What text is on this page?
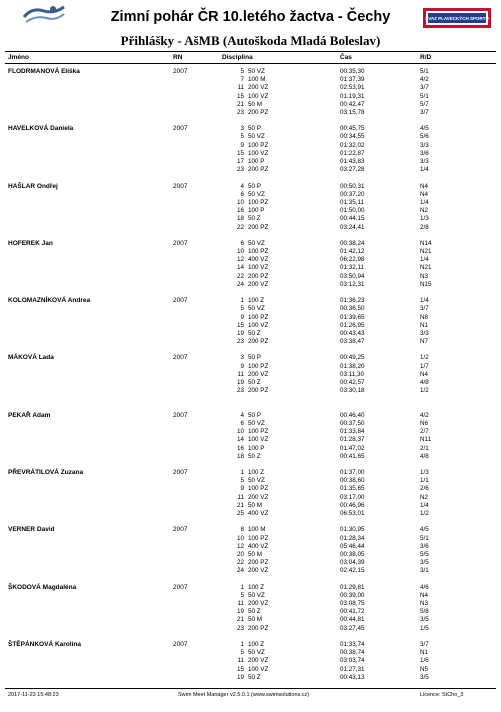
Zimní pohár ČR 10.letého žactva - Čechy	SVAZ PLAVECKÝCH SPORTŮ
Přihlášky - AšMB (Autoškoda Mladá Boleslav)
Jméno	RN	Disciplina	Čas	R/D
FLODRMANOVÁ Eliška	2007	5 50 VZ	00:35,30	5/1
7 100 M	01:37,39	4/2
11 200 VZ	02:53,91	3/7
15 100 VZ	01:19,31	5/1
21 50 M	00:42,47	5/7
23 200 PZ	03:15,78	3/7
HAVELKOVÁ Daniela	2007	3 50 P	00:45,75	4/5
5 50 VZ	00:34,55	5/6
9 100 PZ	01:32,02	3/3
15 100 VZ	01:22,87	3/6
17 100 P	01:43,83	3/3
23 200 PZ	03:27,28	1/4
HAŠLAR Ondřej	2007	4 50 P	00:50,31	N4
6 50 VZ	00:37,20	N4
10 100 PZ	01:35,11	1/4
16 100 P	01:50,00	N2
18 50 Z	00:44,15	1/3
22 200 PZ	03:24,41	2/8
HOFEREK Jan	2007	6 50 VZ	00:38,24	N14
10 100 PZ	01:42,12	N21
12 400 VZ	06:22,98	1/4
14 100 VZ	01:32,11	N21
22 200 PZ	03:50,94	N3
24 200 VZ	03:12,31	N15
KOLOMAZNÍKOVÁ Andrea	2007	1 100 Z	01:36,23	1/4
5 50 VZ	00:36,50	3/7
9 100 PZ	01:39,65	N8
15 100 VZ	01:26,95	N1
19 50 Z	00:43,43	3/3
23 200 PZ	03:38,47	N7
MÁKOVÁ Lada	2007	3 50 P	00:49,25	1/2
9 100 PZ	01:38,20	1/7
11 200 VZ	03:11,30	N4
19 50 Z	00:42,57	4/8
23 200 PZ	03:30,18	1/2
PEKAŘ Adam	2007	4 50 P	00:46,40	4/2
6 50 VZ	00:37,50	N6
10 100 PZ	01:33,84	2/7
14 100 VZ	01:28,37	N11
16 100 P	01:47,02	2/1
18 50 Z	00:41,65	4/8
PŘEVRÁTILOVÁ Zuzana	2007	1 100 Z	01:37,00	1/3
5 50 VZ	00:38,60	1/1
9 100 PZ	01:35,65	2/6
11 200 VZ	03:17,00	N2
21 50 M	00:46,96	1/4
25 400 VZ	06:53,01	1/2
VERNER David	2007	8 100 M	01:30,95	4/5
10 100 PZ	01:28,34	5/1
12 400 VZ	05:46,44	3/6
20 50 M	00:38,05	5/5
22 200 PZ	03:04,39	3/5
24 200 VZ	02:42,15	3/1
ŠKODOVÁ Magdaléna	2007	1 100 Z	01:29,81	4/6
5 50 VZ	00:39,00	N4
11 200 VZ	03:08,75	N3
19 50 Z	00:41,72	5/8
21 50 M	00:44,81	3/5
23 200 PZ	03:27,45	1/5
ŠTĚPÁNKOVÁ Karolína	2007	1 100 Z	01:33,74	3/7
5 50 VZ	00:38,74	N1
11 200 VZ	03:03,74	1/6
15 100 VZ	01:27,31	N5
19 50 Z	00:43,13	3/5
2017-11-23 15:48:23	Swim Meet Manager v2.5.0.1 (www.swimsolutions.cz)	Licence: SICho_3
